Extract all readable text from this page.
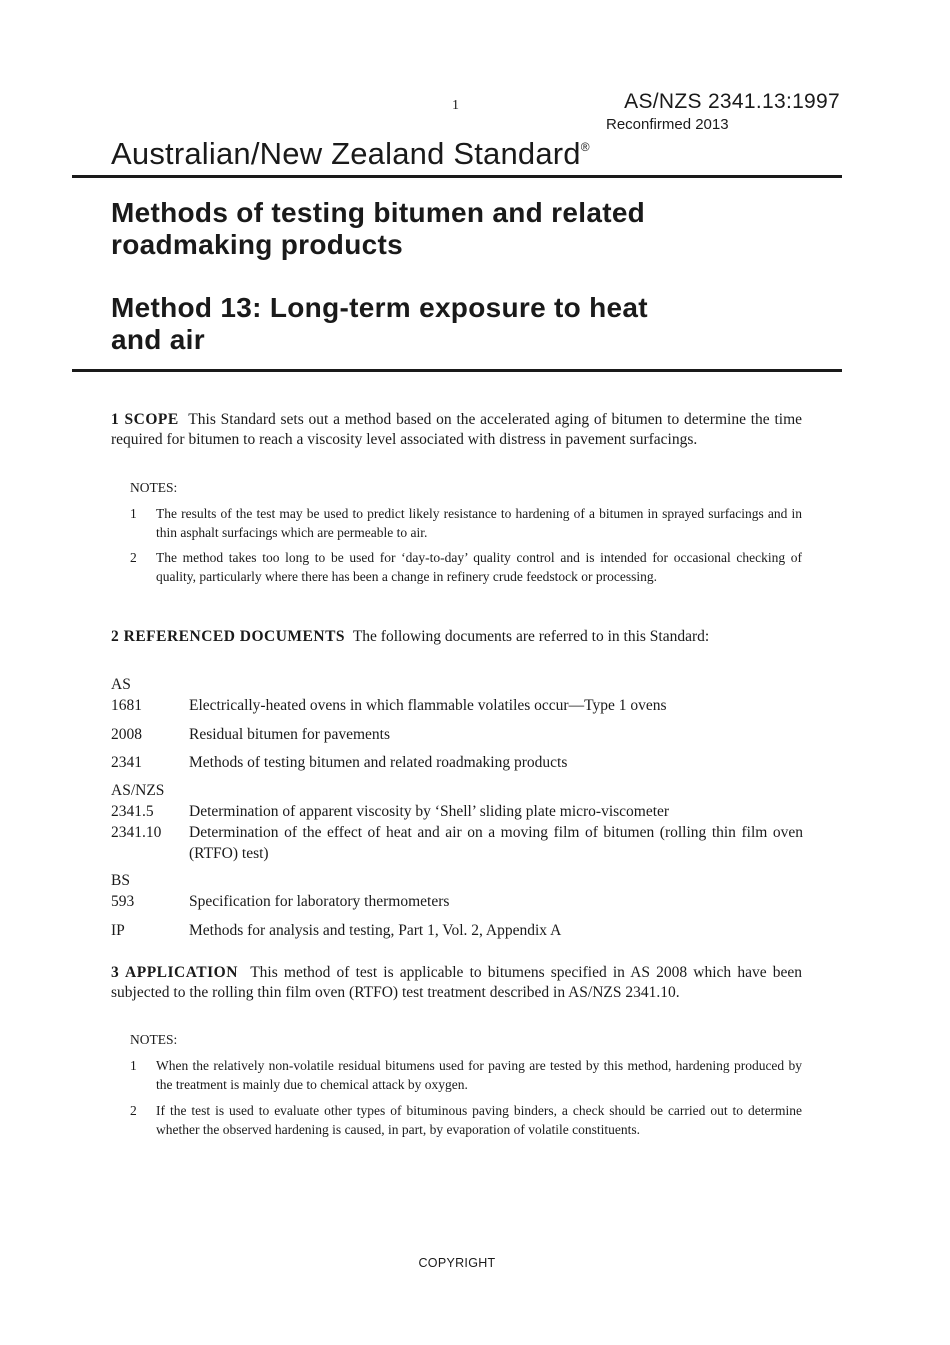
1	AS/NZS 2341.13:1997
Reconfirmed 2013
Australian/New Zealand Standard®
Methods of testing bitumen and related
roadmaking products
Method 13: Long-term exposure to heat
and air
1 SCOPE This Standard sets out a method based on the accelerated aging of bitumen to determine the time required for bitumen to reach a viscosity level associated with distress in pavement surfacings.
NOTES:
1 The results of the test may be used to predict likely resistance to hardening of a bitumen in sprayed surfacings and in thin asphalt surfacings which are permeable to air.
2 The method takes too long to be used for ‘day-to-day’ quality control and is intended for occasional checking of quality, particularly where there has been a change in refinery crude feedstock or processing.
2 REFERENCED DOCUMENTS The following documents are referred to in this Standard:
AS
1681	Electrically-heated ovens in which flammable volatiles occur—Type 1 ovens
2008	Residual bitumen for pavements
2341	Methods of testing bitumen and related roadmaking products
AS/NZS
2341.5 Determination of apparent viscosity by ‘Shell’ sliding plate micro-viscometer
2341.10 Determination of the effect of heat and air on a moving film of bitumen (rolling thin film oven (RTFO) test)
BS
593	Specification for laboratory thermometers
IP	Methods for analysis and testing, Part 1, Vol. 2, Appendix A
3 APPLICATION This method of test is applicable to bitumens specified in AS 2008 which have been subjected to the rolling thin film oven (RTFO) test treatment described in AS/NZS 2341.10.
NOTES:
1 When the relatively non-volatile residual bitumens used for paving are tested by this method, hardening produced by the treatment is mainly due to chemical attack by oxygen.
2 If the test is used to evaluate other types of bituminous paving binders, a check should be carried out to determine whether the observed hardening is caused, in part, by evaporation of volatile constituents.
COPYRIGHT
